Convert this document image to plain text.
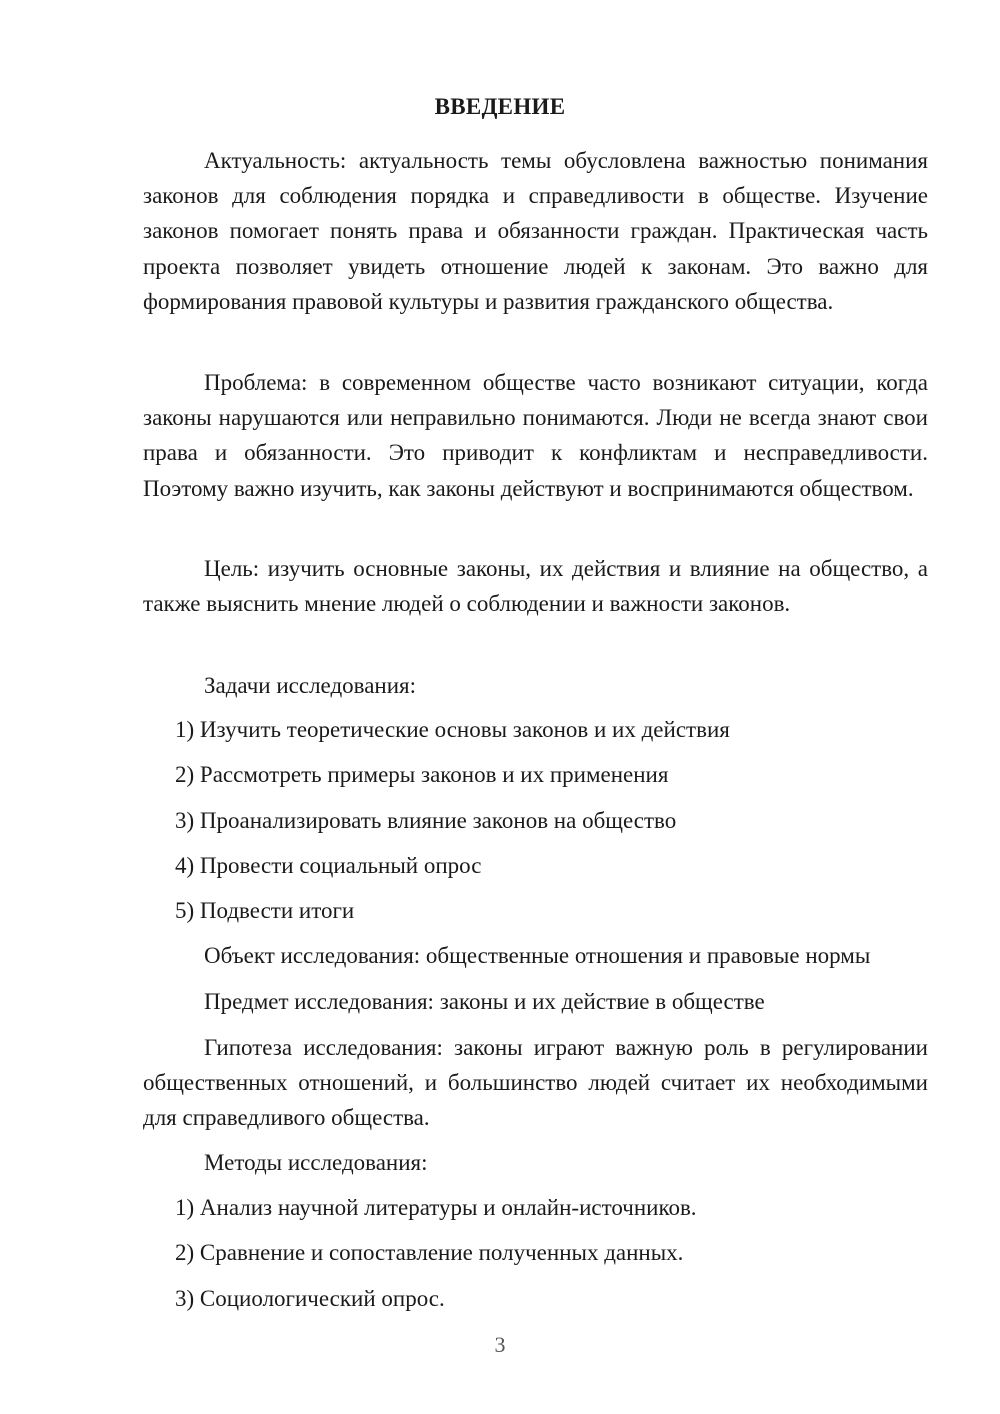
ВВЕДЕНИЕ
Актуальность: актуальность темы обусловлена важностью понимания законов для соблюдения порядка и справедливости в обществе. Изучение законов помогает понять права и обязанности граждан. Практическая часть проекта позволяет увидеть отношение людей к законам. Это важно для формирования правовой культуры и развития гражданского общества.
Проблема: в современном обществе часто возникают ситуации, когда законы нарушаются или неправильно понимаются. Люди не всегда знают свои права и обязанности. Это приводит к конфликтам и несправедливости. Поэтому важно изучить, как законы действуют и воспринимаются обществом.
Цель: изучить основные законы, их действия и влияние на общество, а также выяснить мнение людей о соблюдении и важности законов.
Задачи исследования:
1) Изучить теоретические основы законов и их действия
2) Рассмотреть примеры законов и их применения
3) Проанализировать влияние законов на общество
4) Провести социальный опрос
5) Подвести итоги
Объект исследования: общественные отношения и правовые нормы
Предмет исследования: законы и их действие в обществе
Гипотеза исследования: законы играют важную роль в регулировании общественных отношений, и большинство людей считает их необходимыми для справедливого общества.
Методы исследования:
1) Анализ научной литературы и онлайн-источников.
2) Сравнение и сопоставление полученных данных.
3) Социологический опрос.
3
